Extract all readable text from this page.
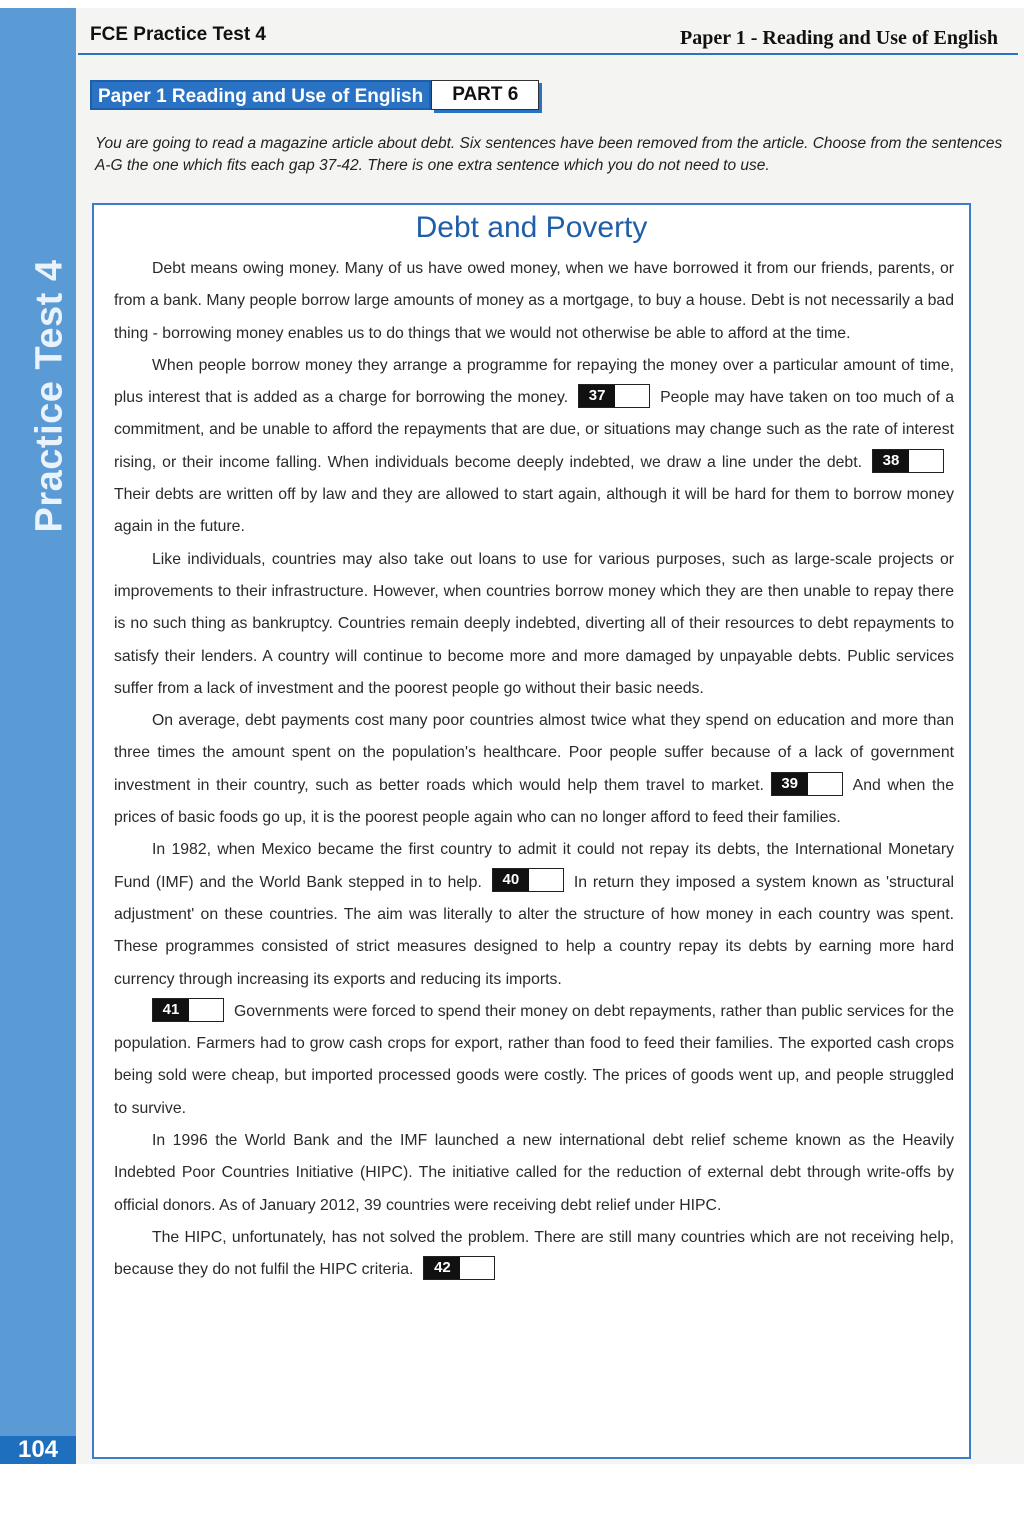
Practice Test 4
104
FCE Practice Test 4	Paper 1 - Reading and Use of English
Paper 1 Reading and Use of English	PART 6
You are going to read a magazine article about debt. Six sentences have been removed from the article. Choose from the sentences A-G the one which fits each gap 37-42. There is one extra sentence which you do not need to use.
Debt and Poverty

Debt means owing money. Many of us have owed money, when we have borrowed it from our friends, parents, or from a bank. Many people borrow large amounts of money as a mortgage, to buy a house. Debt is not necessarily a bad thing - borrowing money enables us to do things that we would not otherwise be able to afford at the time.

When people borrow money they arrange a programme for repaying the money over a particular amount of time, plus interest that is added as a charge for borrowing the money.	37	People may have taken on too much of a commitment, and be unable to afford the repayments that are due, or situations may change such as the rate of interest rising, or their income falling. When individuals become deeply indebted, we draw a line under the debt.	38
Their debts are written off by law and they are allowed to start again, although it will be hard for them to borrow money again in the future.

Like individuals, countries may also take out loans to use for various purposes, such as large-scale projects or improvements to their infrastructure. However, when countries borrow money which they are then unable to repay there is no such thing as bankruptcy. Countries remain deeply indebted, diverting all of their resources to debt repayments to satisfy their lenders. A country will continue to become more and more damaged by unpayable debts. Public services suffer from a lack of investment and the poorest people go without their basic needs.

On average, debt payments cost many poor countries almost twice what they spend on education and more than three times the amount spent on the population's healthcare. Poor people suffer because of a lack of government investment in their country, such as better roads which would help them travel to market.	39	And when the prices of basic foods go up, it is the poorest people again who can no longer afford to feed their families.

In 1982, when Mexico became the first country to admit it could not repay its debts, the International Monetary Fund (IMF) and the World Bank stepped in to help.	40	In return they imposed a system known as 'structural adjustment' on these countries. The aim was literally to alter the structure of how money in each country was spent. These programmes consisted of strict measures designed to help a country repay its debts by earning more hard currency through increasing its exports and reducing its imports.

41	Governments were forced to spend their money on debt repayments, rather than public services for the population. Farmers had to grow cash crops for export, rather than food to feed their families. The exported cash crops being sold were cheap, but imported processed goods were costly. The prices of goods went up, and people struggled to survive.

In 1996 the World Bank and the IMF launched a new international debt relief scheme known as the Heavily Indebted Poor Countries Initiative (HIPC). The initiative called for the reduction of external debt through write-offs by official donors. As of January 2012, 39 countries were receiving debt relief under HIPC.

The HIPC, unfortunately, has not solved the problem. There are still many countries which are not receiving help, because they do not fulfil the HIPC criteria.	42
